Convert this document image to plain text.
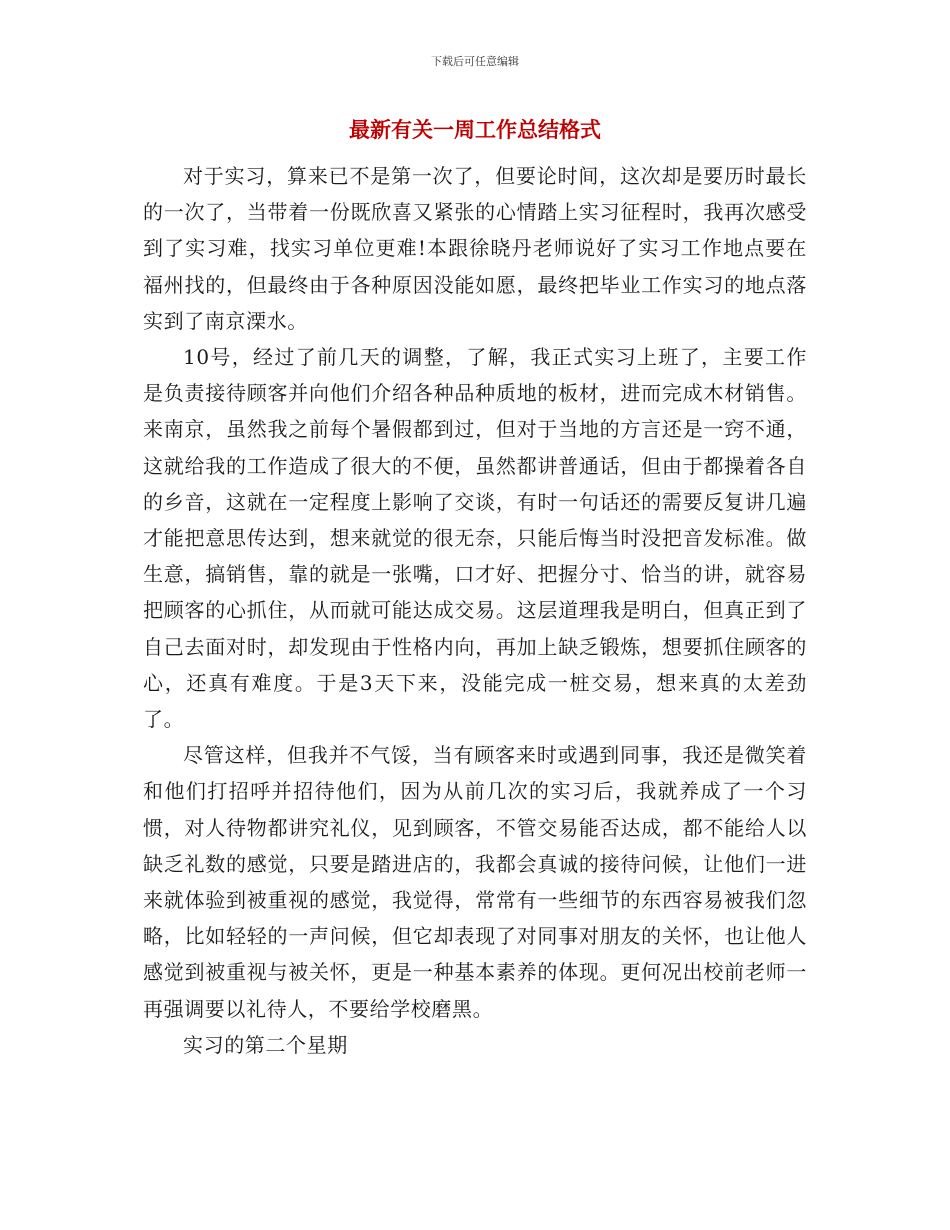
下载后可任意编辑
最新有关一周工作总结格式

对于实习，算来已不是第一次了，但要论时间，这次却是要历时最长的一次了，当带着一份既欣喜又紧张的心情踏上实习征程时，我再次感受到了实习难，找实习单位更难!本跟徐晓丹老师说好了实习工作地点要在福州找的，但最终由于各种原因没能如愿，最终把毕业工作实习的地点落实到了南京溧水。

10号，经过了前几天的调整，了解，我正式实习上班了，主要工作是负责接待顾客并向他们介绍各种品种质地的板材，进而完成木材销售。来南京，虽然我之前每个暑假都到过，但对于当地的方言还是一窍不通，这就给我的工作造成了很大的不便，虽然都讲普通话，但由于都操着各自的乡音，这就在一定程度上影响了交谈，有时一句话还的需要反复讲几遍才能把意思传达到，想来就觉的很无奈，只能后悔当时没把音发标准。做生意，搞销售，靠的就是一张嘴，口才好、把握分寸、恰当的讲，就容易把顾客的心抓住，从而就可能达成交易。这层道理我是明白，但真正到了自己去面对时，却发现由于性格内向，再加上缺乏锻炼，想要抓住顾客的心，还真有难度。于是3天下来，没能完成一桩交易，想来真的太差劲了。

尽管这样，但我并不气馁，当有顾客来时或遇到同事，我还是微笑着和他们打招呼并招待他们，因为从前几次的实习后，我就养成了一个习惯，对人待物都讲究礼仪，见到顾客，不管交易能否达成，都不能给人以缺乏礼数的感觉，只要是踏进店的，我都会真诚的接待问候，让他们一进来就体验到被重视的感觉，我觉得，常常有一些细节的东西容易被我们忽略，比如轻轻的一声问候，但它却表现了对同事对朋友的关怀，也让他人感觉到被重视与被关怀，更是一种基本素养的体现。更何况出校前老师一再强调要以礼待人，不要给学校磨黑。

实习的第二个星期
